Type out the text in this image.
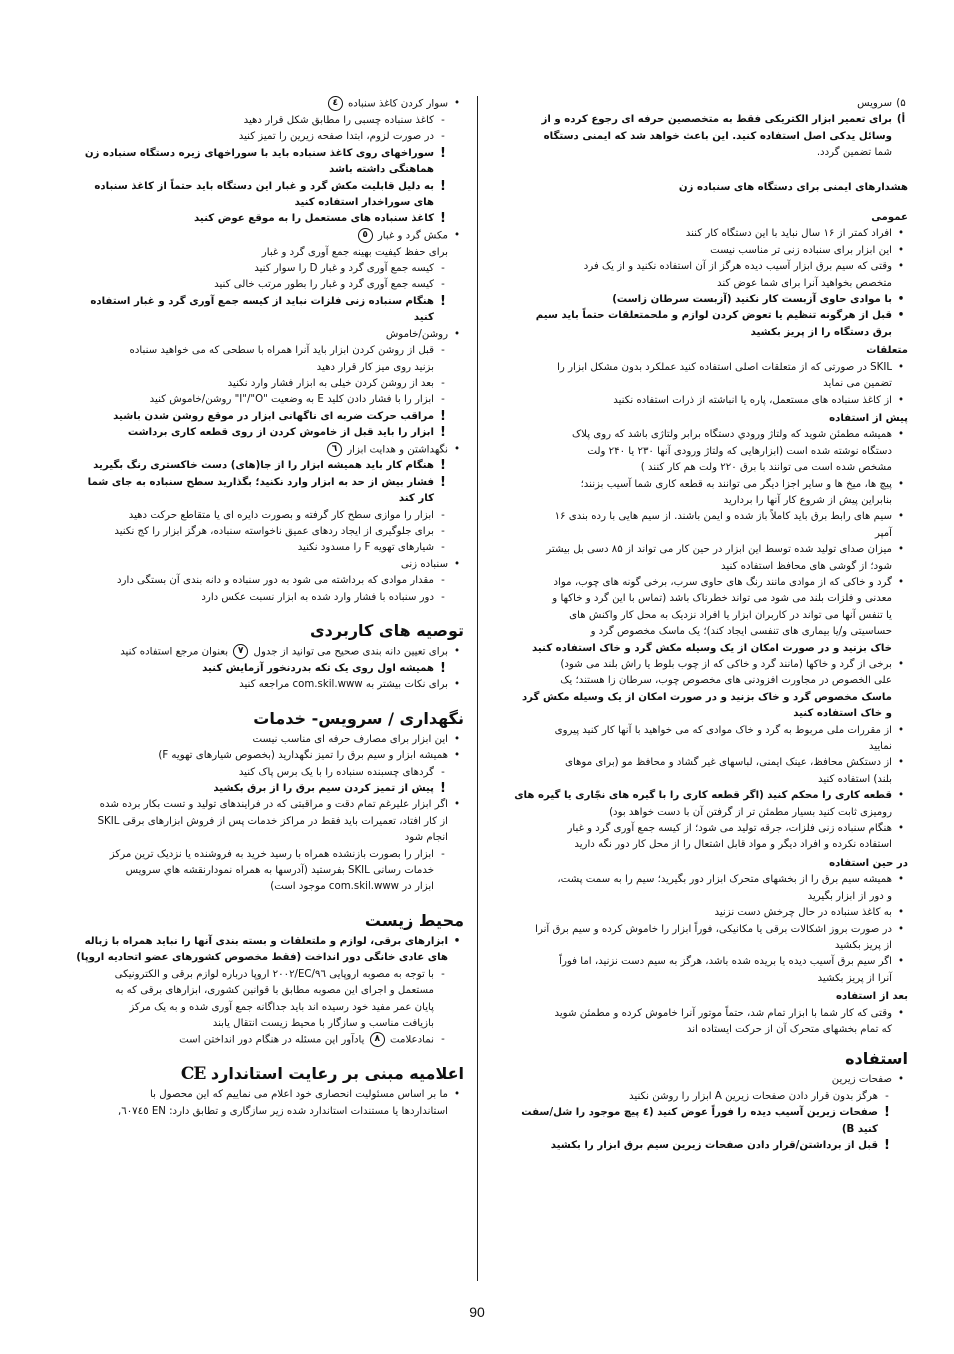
۵)
سرویس
أ)
برای تعمیر ابزار الکتریکی فقط به متخصصین حرفه ای رجوع کرده و از
وسائل یدکی اصل استفاده کنید. این باعث خواهد شد که ایمنی دستگاه
شما تضمین گردد.
هشدارهای ایمنی برای دستگاه های سنباده زن
عمومی
•
افراد کمتر از ۱۶ سال نباید با این دستگاه کار کنند
•
این ابزار برای سنباده زنی تر مناسب نیست
•
وقتی که سیم برق ابزار آسیب دیده هرگز از آن استفاده نکنید و از یک فرد
متخصص بخواهید آنرا برای شما عوض کند
•
با موادی حاوی آزبست کار نکنید (آزبست سرطان زاست)
•
قبل از هرگونه تنظیم یا تعوض کردن لوازم و ملحمتعلقات حتماً باید سیم
برق دستگاه را از پریز بکشید
متعلقات
•
SKIL در صورتی که از متعلقات اصلی استفاده کنید عملکرد بدون مشکل ابزار را
تضمین می نماید
•
از کاغذ سنباده های مستعمل، پاره یا انباشته از ذرات استفاده نکنید
پیش از استفاده
•
همیشه مطمئن شوید که ولتاژ ورودي دستگاه برابر ولتاژی باشد که روی پلاک
دستگاه نوشته شده است (ابزارهایی که ولتاژ ورودی آنها ۲۳۰ یا ۲۴۰ ولت
مشخص شده است می توانند با برق ۲۲۰ ولت هم کار کنند )
•
پیچ ها، میخ ها و سایر اجزا دیگر می توانند به قطعه کاری شما آسیب بزنند؛
بنابراین پیش از شروع کار آنها را بردارید
•
سیم های رابط برق باید کاملاً باز شده و ایمن باشند. از سیم هایی با رده بندی ۱۶
آمپر
•
میزان صدای تولید شده توسط این ابزار در حین کار می تواند از ۸۵ دسی بل بیشتر
شود؛ از گوشی های محافظ استفاده کنید
•
گرد و خاکی که از موادی مانند رنگ های حاوی سرب، برخی گونه های چوب، مواد
معدنی و فلزات بلند می شود می تواند خطرناک باشد (تماس با این گرد و خاکها و
یا تنفس آنها می تواند در کاربران ابزار یا افراد نزدیک به محل کار واکنش های
حساسیتی و/یا بیماری های تنفسی ایجاد کند)؛ یک ماسک مخصوص گرد و
خاک بزنید و در صورت امکان از یک وسیله مکش گرد و خاک استفاده کنید
•
برخی از گرد و خاکها (مانند گرد و خاکی که از چوب بلوط یا راش بلند می شود)
علی الخصوص در مجاورت افزودنی های مخصوص چوب، سرطان زا هستند؛ یک
ماسک مخصوص گرد و خاک بزنید و در صورت امکان از یک وسیله مکش گرد
و خاک استفاده کنید
•
از مقررات ملی مربوط به گرد و خاک موادی که می خواهید با آنها کار کنید پیروی
نمایید
•
از دستکش محافظ، عینک ایمنی، لباسهای غیر گشاد و محافظ مو (برای موهای
بلند) استفاده کنید
•
قطعه کاری را محکم کنید (اگر قطعه کاری را با گیره های نجّاری یا گیره های
رومیزی ثابت کنید بسیار مطمئن تر از گرفتن آن با دست خواهد بود)
•
هنگام سنباده زنی فلزات، جرقه تولید می شود؛ از کیسه جمع آوری گرد و غبار
استفاده نکرده و افراد دیگر و مواد قابل اشتعال را از محل کار دور نگه دارید
در حین استفاده
•
همیشه سیم برق را از بخشهای متحرک ابزار دور بگیرید؛ سیم را به سمت پشت،
و دور از ابزار بگیرید
•
به کاغذ سنباده در حال چرخش دست نزنید
•
در صورت بروز اشکالات برقی یا مکانیکی، فوراً ابزار را خاموش کرده و سیم برق آنرا
از پریز بکشید
•
اگر سیم برق آسیب دیده یا بریده شده باشد، هرگز به سیم دست نزنید، اما فوراً
آنرا از پریز بکشید
بعد از استفاده
•
وقتی که کار شما با ابزار تمام شد، حتماً موتور آنرا خاموش کرده و مطمئن شوید
که تمام بخشهای متحرک آن از حرکت ایستاده اند
استفاده
•
صفحات زیرین
-
هرگز بدون قرار دادن صفحات زیرین A ابزار را روشن نکنید
!
صفحات زیرین آسیب دیده را فوراً عوض کنید (٤ پیچ موجود را شل/سفت
کنید B)
!
قبل از برداشتن/قرار دادن صفحات زیرین سیم برق ابزار را بکشید
•
سوار کردن کاغذ سنباده ٤
-
کاغذ سنباده چسبی را مطابق شکل قرار دهید
-
در صورت لزوم، ابتدا صفحه زیرین را تمیز کنید
!
سوراخهای روی کاغذ سنباده باید با سوراخهای زیره دستگاه سنباده زن
هماهنگی داشته باشد
!
به دلیل قابلیت مکش گرد و غبار این دستگاه باید حتماً از کاغذ سنباده
های سوراخدار استفاده کنید
!
کاغذ سنباده های مستعمل را به موقع عوض کنید
•
مکش گرد و غبار ٥
برای حفظ کیفیت بهینه جمع آوری گرد و غبار
-
کیسه جمع آوری گرد و غبار D را سوار کنید
-
کیسه جمع آوری گرد و غبار را بطور مرتب خالی کنید
!
هنگام سنباده زنی فلزات نباید از کیسه جمع آوری گرد و غبار استفاده
کنید
•
روشن/خاموش
-
قبل از روشن کردن ابزار باید آنرا همراه با سطحی که می خواهید سنباده
بزنید روی میز کار قرار دهید
-
بعد از روشن کردن خیلی به ابزار فشار وارد نکنید
-
ابزار را با فشار دادن کلید E به وضعیت "I"/"O" روشن/خاموش کنید
!
مراقب حرکت ضربه ای ناگهانی ابزار در موقع روشن شدن باشید
!
ابزار را باید قبل از خاموش کردن از روی قطعه کاری برداشت
•
نگهداشتن و هدایت ابزار ٦
!
هنگام کار باید همیشه ابزار را از جا(های) دست خاکستری رنگ بگیرید
!
فشار بیش از حد به ابزار وارد نکنید؛ بگذارید سطح سنباده به جای شما
کار کند
-
ابزار را موازی سطح کار گرفته و بصورت دایره ای یا متقاطع حرکت دهید
-
برای جلوگیری از ایجاد ردهای عمیق ناخواسته سنباده، هرگز ابزار را کج نکنید
-
شیارهای تهویه F را مسدود نکنید
•
سنباده زنی
-
مقدار موادی که برداشته می شود به دور سنباده و دانه بندی آن بستگی دارد
-
دور سنباده با فشار وارد شده به ابزار نسبت عکس دارد
توصیه های کاربردی
•
برای تعیین دانه بندی صحیح می توانید از جدول ٧ بعنوان مرجع استفاده کنید
!
همیشه اول روی یک تکه بدردنخور آزمایش کنید
•
برای نکات بیشتر به com.skil.www مراجعه کنید
نگهداری / سرویس- خدمات
•
این ابزار برای مصارف حرفه ای مناسب نیست
•
همیشه ابزار و سیم برق را تمیز نگهدارید (بخصوص شیارهای تهویه F)
-
گردهای چسبنده سنباده را با یک برس پاک کنید
!
پیش از تمیز کردن سیم برق را از برق بکشید
•
اگر ابزار علیرغم تمام دقت و مراقبتی که در فرایندهای تولید و تست بکار برده شده
از کار افتاد، تعمیرات باید فقط در مراکز خدمات پس از فروش ابزارهای برقی SKIL
انجام شود
-
ابزار را بصورت بازنشده همراه با رسید خرید به فروشنده یا نزدیک ترین مرکز
خدمات رسانی SKIL بفرستید (آدرسها به همراه نمودارنقشه هاي سرويس
ابزار در com.skil.www موجود است)
محیط زیست
•
ابزارهای برقی، لوازم و ملتعلقات و بسته بندی آنها را نباید همراه با زباله
های عادی خانگی دور انداخت (فقط مخصوص کشورهای عضو اتحادیه اروپا)
-
با توجه به مصوبه اروپایی EC/۹٦/۲۰۰۲ اروپا درباره لوازم برقی و الکترونیکی
مستعمل و اجرای این مصوبه مطابق با قوانین کشوری، ابزارهای برقی که به
پایان عمر مفید خود رسیده اند باید جداگانه جمع آوری شده و به یک مرکز
بازیافت مناسب و سازگار با محیط زیست انتقال یابند
-
نمادعلامت ٨ یادآور این مسئله در هنگام دور انداختن است
اعلامیه مبنی بر رعایت استاندارد CE
•
ما بر اساس مسئولیت انحصاری خود اعلام می نماییم که این محصول با
استانداردها یا مستندات استاندارد شده زیر سازگاری و تطابق دارد: EN ٦٠٧٤٥,
90
